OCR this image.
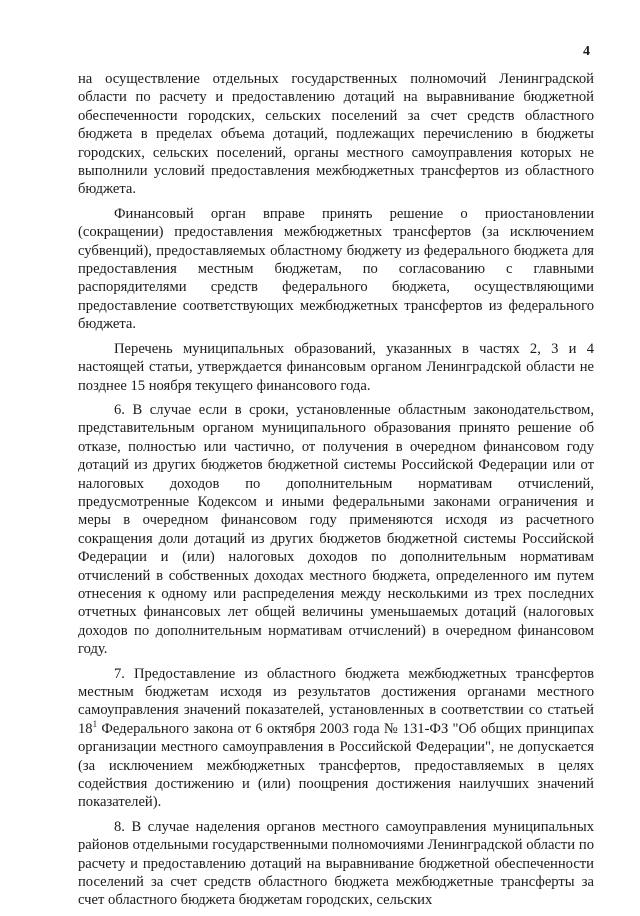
4

на осуществление отдельных государственных полномочий Ленинградской области по расчету и предоставлению дотаций на выравнивание бюджетной обеспеченности городских, сельских поселений за счет средств областного бюджета в пределах объема дотаций, подлежащих перечислению в бюджеты городских, сельских поселений, органы местного самоуправления которых не выполнили условий предоставления межбюджетных трансфертов из областного бюджета.

Финансовый орган вправе принять решение о приостановлении (сокращении) предоставления межбюджетных трансфертов (за исключением субвенций), предоставляемых областному бюджету из федерального бюджета для предоставления местным бюджетам, по согласованию с главными распорядителями средств федерального бюджета, осуществляющими предоставление соответствующих межбюджетных трансфертов из федерального бюджета.

Перечень муниципальных образований, указанных в частях 2, 3 и 4 настоящей статьи, утверждается финансовым органом Ленинградской области не позднее 15 ноября текущего финансового года.

6. В случае если в сроки, установленные областным законодательством, представительным органом муниципального образования принято решение об отказе, полностью или частично, от получения в очередном финансовом году дотаций из других бюджетов бюджетной системы Российской Федерации или от налоговых доходов по дополнительным нормативам отчислений, предусмотренные Кодексом и иными федеральными законами ограничения и меры в очередном финансовом году применяются исходя из расчетного сокращения доли дотаций из других бюджетов бюджетной системы Российской Федерации и (или) налоговых доходов по дополнительным нормативам отчислений в собственных доходах местного бюджета, определенного им путем отнесения к одному или распределения между несколькими из трех последних отчетных финансовых лет общей величины уменьшаемых дотаций (налоговых доходов по дополнительным нормативам отчислений) в очередном финансовом году.

7. Предоставление из областного бюджета межбюджетных трансфертов местным бюджетам исходя из результатов достижения органами местного самоуправления значений показателей, установленных в соответствии со статьей $18^1$ Федерального закона от 6 октября 2003 года № 131-ФЗ "Об общих принципах организации местного самоуправления в Российской Федерации", не допускается (за исключением межбюджетных трансфертов, предоставляемых в целях содействия достижению и (или) поощрения достижения наилучших значений показателей).

8. В случае наделения органов местного самоуправления муниципальных районов отдельными государственными полномочиями Ленинградской области по расчету и предоставлению дотаций на выравнивание бюджетной обеспеченности поселений за счет средств областного бюджета межбюджетные трансферты за счет областного бюджета бюджетам городских, сельских
